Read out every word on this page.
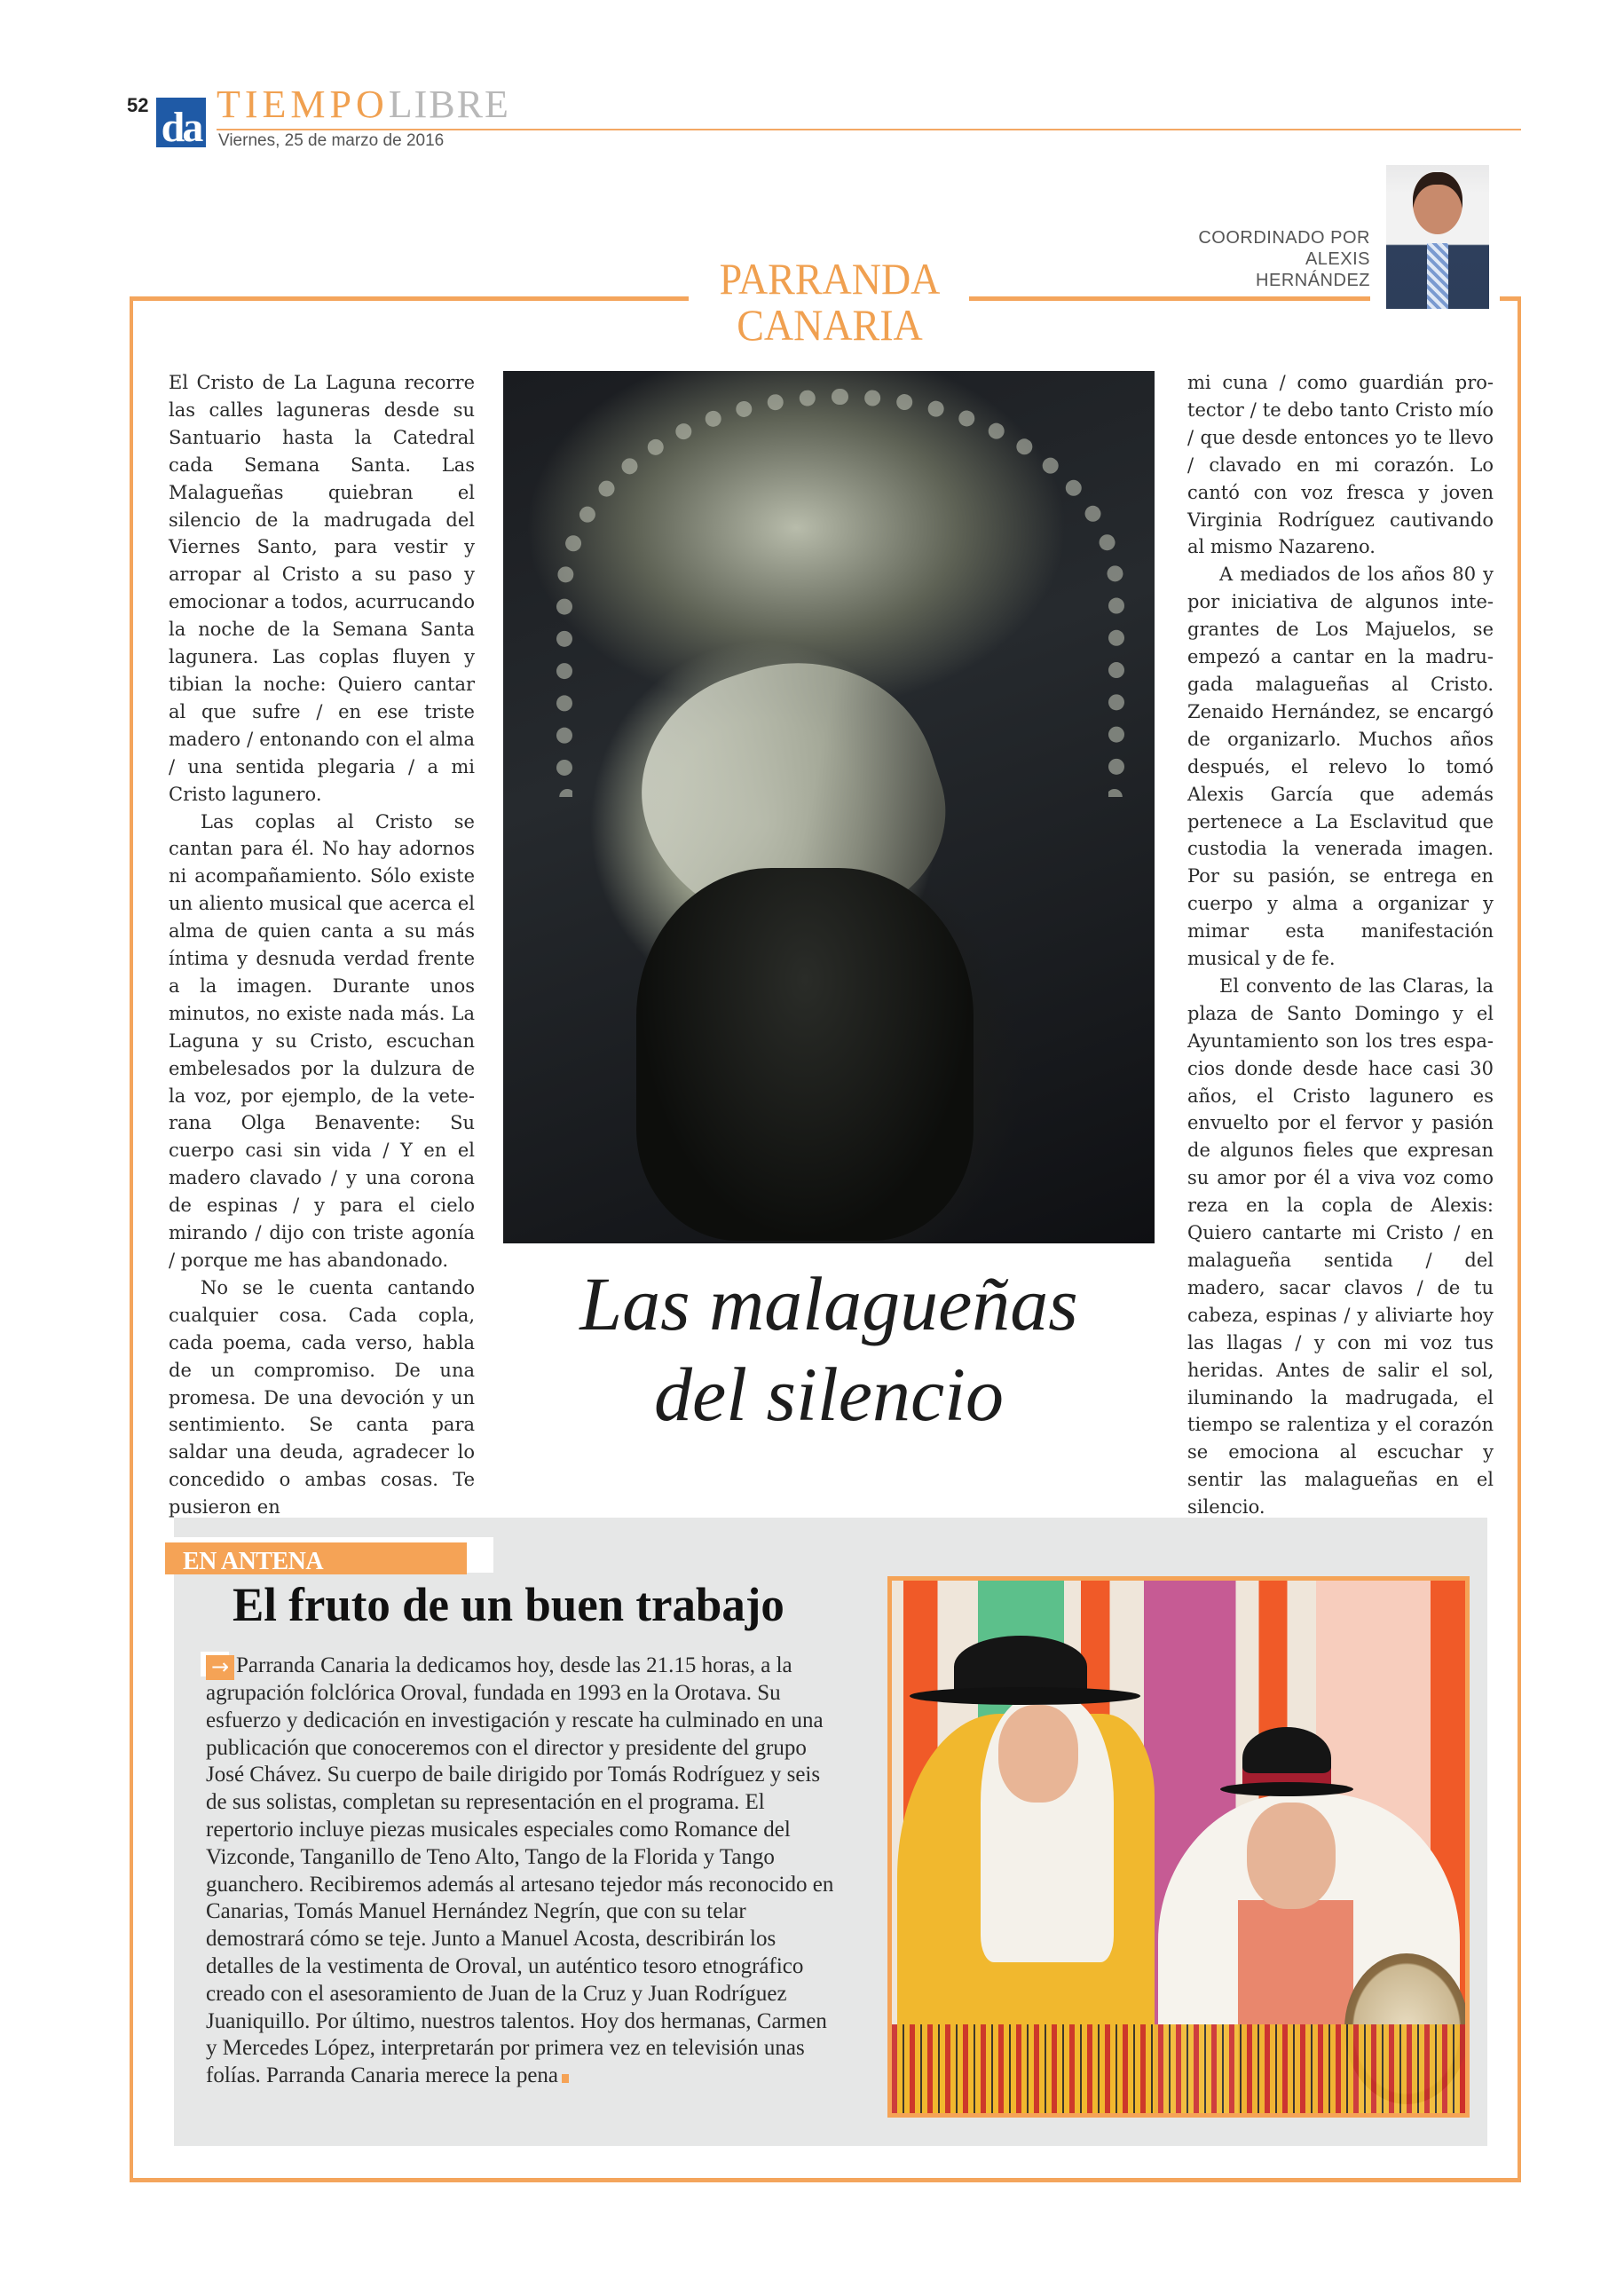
52 da TIEMPOLIBRE
Viernes, 25 de marzo de 2016
COORDINADO POR
ALEXIS
HERNÁNDEZ
PARRANDA
CANARIA

El Cristo de La Laguna recorre las calles laguneras desde su Santuario hasta la Catedral cada Semana Santa. Las Malagueñas quiebran el silencio de la madrugada del Viernes Santo, para vestir y arropar al Cristo a su paso y emocionar a todos, acurrucando la noche de la Semana Santa lagunera. Las coplas fluyen y tibian la noche: Quiero cantar al que sufre / en ese triste madero / entonando con el alma / una sentida plegaria / a mi Cristo lagunero.

Las coplas al Cristo se cantan para él. No hay adornos ni acompañamiento. Sólo existe un aliento musical que acerca el alma de quien canta a su más íntima y desnuda verdad frente a la imagen. Durante unos minutos, no existe nada más. La Laguna y su Cristo, escuchan embelesados por la dulzura de la voz, por ejemplo, de la veterana Olga Benavente: Su cuerpo casi sin vida / Y en el madero clavado / y una corona de espinas / y para el cielo mirando / dijo con triste agonía / porque me has abandonado.

No se le cuenta cantando cualquier cosa. Cada copla, cada poema, cada verso, habla de un compromiso. De una promesa. De una devoción y un sentimiento. Se canta para saldar una deuda, agradecer lo concedido o ambas cosas. Te pusieron en

Las malagueñas
del silencio

mi cuna / como guardián protector / te debo tanto Cristo mío / que desde entonces yo te llevo / clavado en mi corazón. Lo cantó con voz fresca y joven Virginia Rodríguez cautivando al mismo Nazareno.

A mediados de los años 80 y por iniciativa de algunos integrantes de Los Majuelos, se empezó a cantar en la madrugada malagueñas al Cristo. Zenaido Hernández, se encargó de organizarlo. Muchos años después, el relevo lo tomó Alexis García que además pertenece a La Esclavitud que custodia la venerada imagen. Por su pasión, se entrega en cuerpo y alma a organizar y mimar esta manifestación musical y de fe.

El convento de las Claras, la plaza de Santo Domingo y el Ayuntamiento son los tres espacios donde desde hace casi 30 años, el Cristo lagunero es envuelto por el fervor y pasión de algunos fieles que expresan su amor por él a viva voz como reza en la copla de Alexis: Quiero cantarte mi Cristo / en malagueña sentida / del madero, sacar clavos / de tu cabeza, espinas / y aliviarte hoy las llagas / y con mi voz tus heridas. Antes de salir el sol, iluminando la madrugada, el tiempo se ralentiza y el corazón se emociona al escuchar y sentir las malagueñas en el silencio.

EN ANTENA
El fruto de un buen trabajo
→ Parranda Canaria la dedicamos hoy, desde las 21.15 horas, a la agrupación folclórica Oroval, fundada en 1993 en la Orotava. Su esfuerzo y dedicación en investigación y rescate ha culminado en una publicación que conoceremos con el director y presidente del grupo José Chávez. Su cuerpo de baile dirigido por Tomás Rodríguez y seis de sus solistas, completan su representación en el programa. El repertorio incluye piezas musicales especiales como Romance del Vizconde, Tanganillo de Teno Alto, Tango de la Florida y Tango guanchero. Recibiremos además al artesano tejedor más reconocido en Canarias, Tomás Manuel Hernández Negrín, que con su telar demostrará cómo se teje. Junto a Manuel Acosta, describirán los detalles de la vestimenta de Oroval, un auténtico tesoro etnográfico creado con el asesoramiento de Juan de la Cruz y Juan Rodríguez Juaniquillo. Por último, nuestros talentos. Hoy dos hermanas, Carmen y Mercedes López, interpretarán por primera vez en televisión unas folías. Parranda Canaria merece la pena
